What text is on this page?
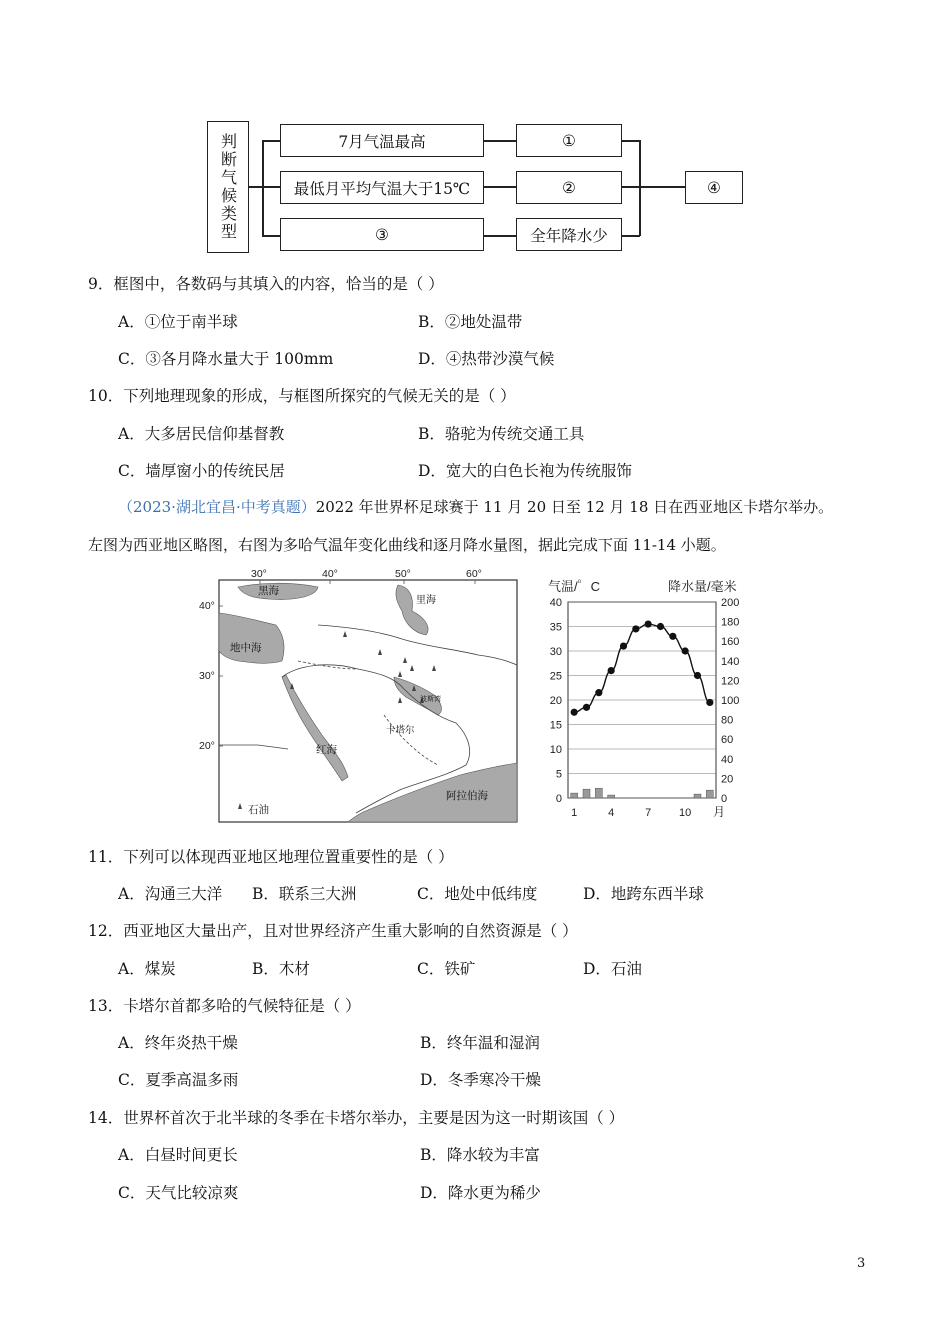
判断气候类型	7月气温最高
最低月平均气温大于15℃
③
①
②
全年降水少
④
9．框图中，各数码与其填入的内容，恰当的是（ ）
A．①位于南半球	B．②地处温带
C．③各月降水量大于 100mm	D．④热带沙漠气候
10．下列地理现象的形成，与框图所探究的气候无关的是（ ）
A．大多居民信仰基督教	B．骆驼为传统交通工具
C．墙厚窗小的传统民居	D．宽大的白色长袍为传统服饰
（2023·湖北宜昌·中考真题）2022 年世界杯足球赛于 11 月 20 日至 12 月 18 日在西亚地区卡塔尔举办。
左图为西亚地区略图，右图为多哈气温年变化曲线和逐月降水量图，据此完成下面 11-14 小题。
30°	40°	50°	60°
40°
30°
20°
黑海
里海
地中海
红海
阿拉伯海
波斯湾
卡塔尔
石油
气温/゜C	降水量/毫米
0
5
10
15
20
25
30
35
40
0
20
40
60
80
100
120
140
160
180
200
1	4	7	10 月
11．下列可以体现西亚地区地理位置重要性的是（ ）
A．沟通三大洋 B．联系三大洲	C．地处中低纬度	D．地跨东西半球
12．西亚地区大量出产，且对世界经济产生重大影响的自然资源是（ ）
A．煤炭	B．木材	C．铁矿	D．石油
13．卡塔尔首都多哈的气候特征是（ ）
A．终年炎热干燥	B．终年温和湿润
C．夏季高温多雨	D．冬季寒冷干燥
14．世界杯首次于北半球的冬季在卡塔尔举办，主要是因为这一时期该国（ ）
A．白昼时间更长	B．降水较为丰富
C．天气比较凉爽	D．降水更为稀少
3
